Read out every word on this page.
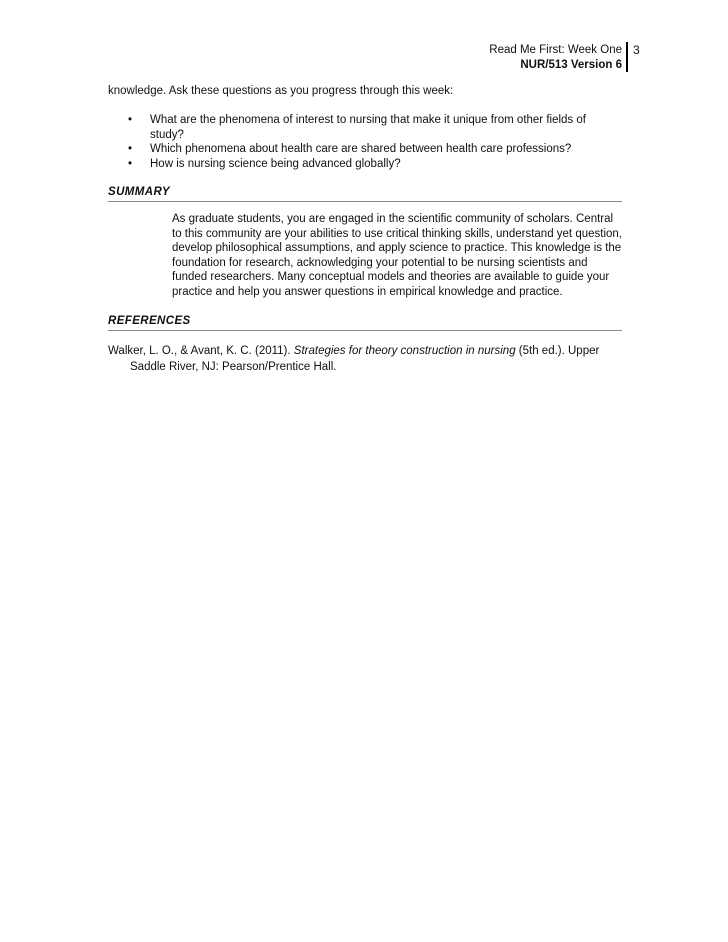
Read Me First: Week One
NUR/513 Version 6
3

knowledge. Ask these questions as you progress through this week:

• What are the phenomena of interest to nursing that make it unique from other fields of study?
• Which phenomena about health care are shared between health care professions?
• How is nursing science being advanced globally?
SUMMARY

As graduate students, you are engaged in the scientific community of scholars. Central to this community are your abilities to use critical thinking skills, understand yet question, develop philosophical assumptions, and apply science to practice. This knowledge is the foundation for research, acknowledging your potential to be nursing scientists and funded researchers. Many conceptual models and theories are available to guide your practice and help you answer questions in empirical knowledge and practice.

REFERENCES

Walker, L. O., & Avant, K. C. (2011). Strategies for theory construction in nursing (5th ed.). Upper Saddle River, NJ: Pearson/Prentice Hall.
